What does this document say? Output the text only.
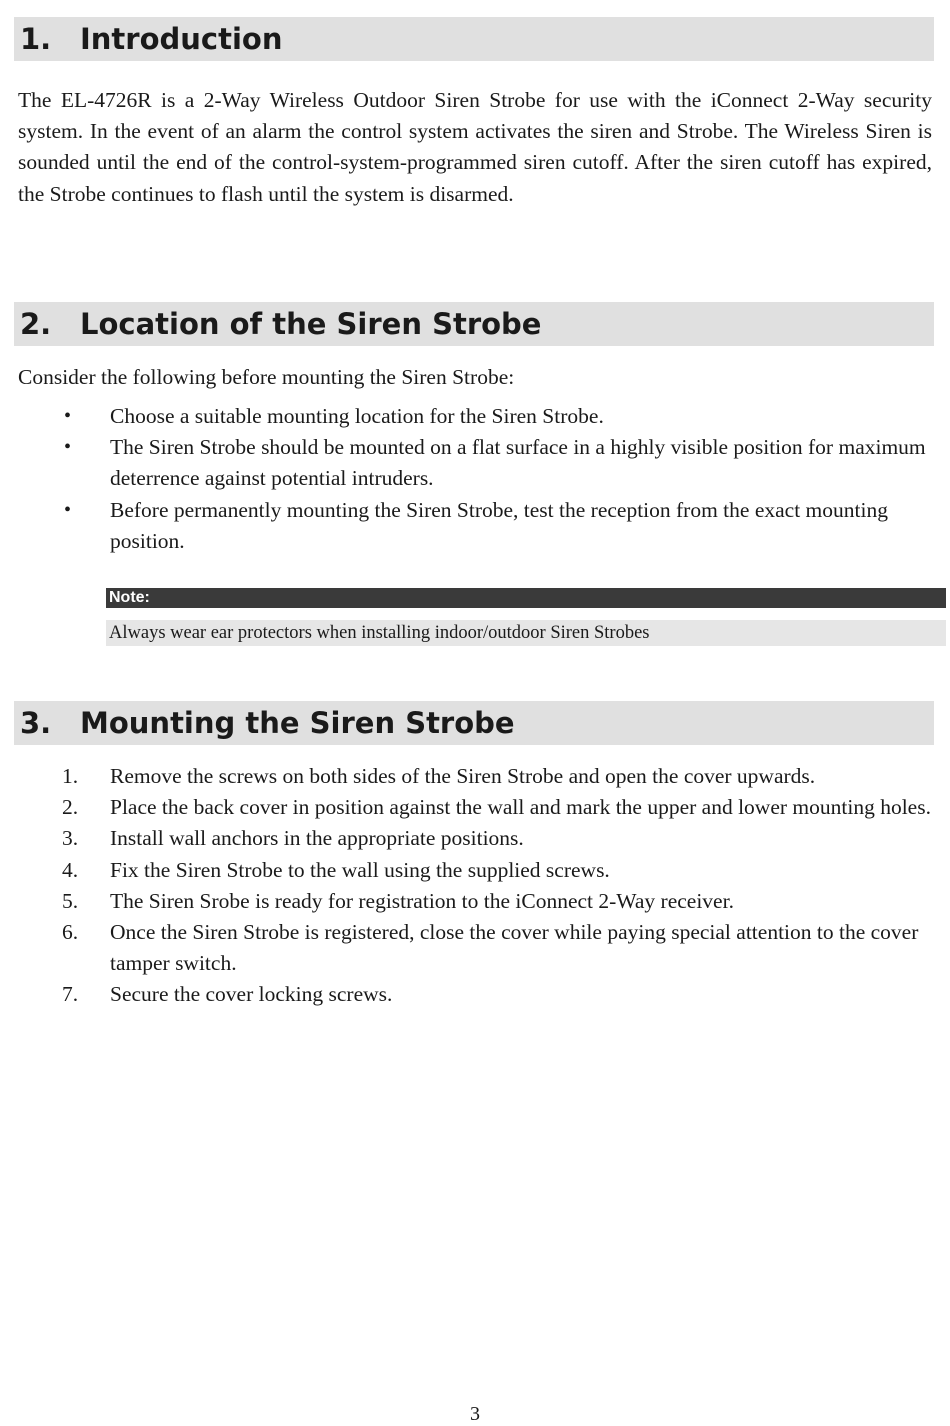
1. Introduction

The EL-4726R is a 2-Way Wireless Outdoor Siren Strobe for use with the iConnect 2-Way security system. In the event of an alarm the control system activates the siren and Strobe. The Wireless Siren is sounded until the end of the control-system-programmed siren cutoff. After the siren cutoff has expired, the Strobe continues to flash until the system is disarmed.

2. Location of the Siren Strobe

Consider the following before mounting the Siren Strobe:

• Choose a suitable mounting location for the Siren Strobe.
• The Siren Strobe should be mounted on a flat surface in a highly visible position for maximum deterrence against potential intruders.
• Before permanently mounting the Siren Strobe, test the reception from the exact mounting position.
Note:
Always wear ear protectors when installing indoor/outdoor Siren Strobes
3. Mounting the Siren Strobe
1. Remove the screws on both sides of the Siren Strobe and open the cover upwards.
2. Place the back cover in position against the wall and mark the upper and lower mounting holes.
3. Install wall anchors in the appropriate positions.
4. Fix the Siren Strobe to the wall using the supplied screws.
5. The Siren Srobe is ready for registration to the iConnect 2-Way receiver.
6. Once the Siren Strobe is registered, close the cover while paying special attention to the cover tamper switch.
7. Secure the cover locking screws.
3
